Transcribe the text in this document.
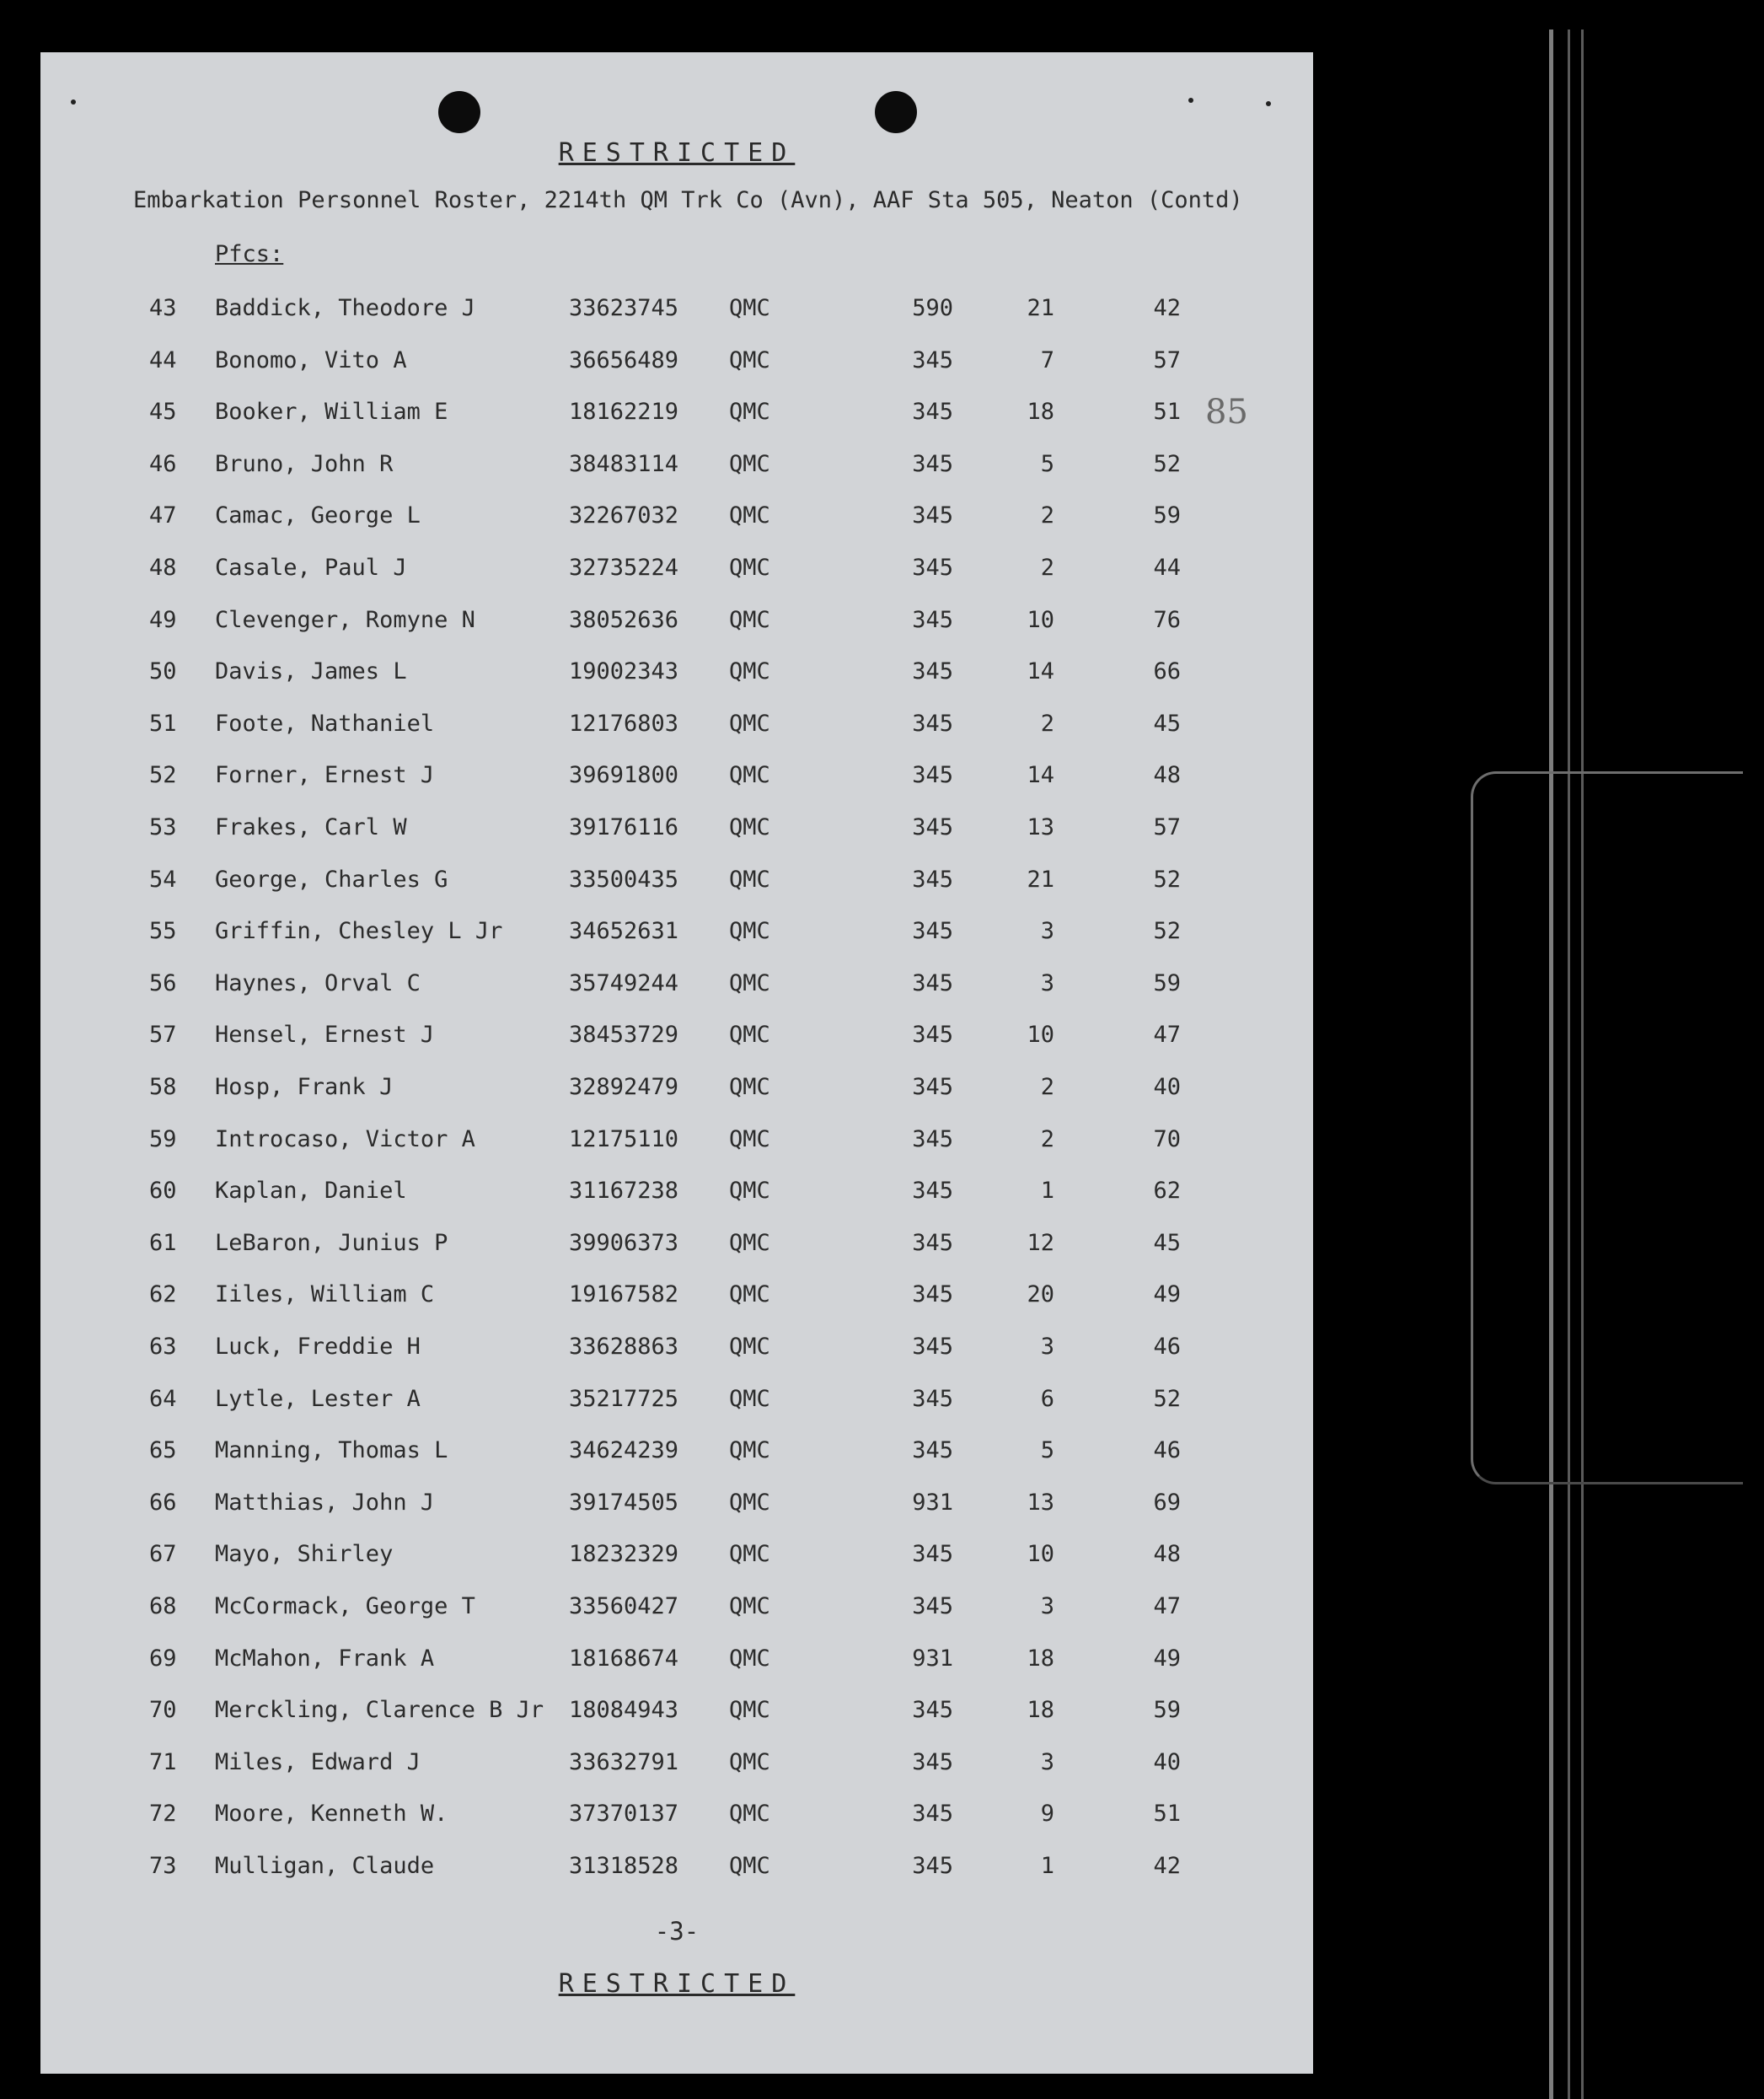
RESTRICTED
Embarkation Personnel Roster, 2214th QM Trk Co (Avn), AAF Sta 505, Neaton (Contd)
Pfcs:
85
43 Baddick, Theodore J	33623745 QMC	590	21	42
44 Bonomo, Vito A	36656489 QMC	345	7	57
45 Booker, William E	18162219 QMC	345	18	51
46 Bruno, John R	38483114 QMC	345	5	52
47 Camac, George L	32267032 QMC	345	2	59
48 Casale, Paul J	32735224 QMC	345	2	44
49 Clevenger, Romyne N	38052636 QMC	345	10	76
50 Davis, James L	19002343 QMC	345	14	66
51 Foote, Nathaniel	12176803 QMC	345	2	45
52 Forner, Ernest J	39691800 QMC	345	14	48
53 Frakes, Carl W	39176116 QMC	345	13	57
54 George, Charles G	33500435 QMC	345	21	52
55 Griffin, Chesley L Jr	34652631 QMC	345	3	52
56 Haynes, Orval C	35749244 QMC	345	3	59
57 Hensel, Ernest J	38453729 QMC	345	10	47
58 Hosp, Frank J	32892479 QMC	345	2	40
59 Introcaso, Victor A	12175110 QMC	345	2	70
60 Kaplan, Daniel	31167238 QMC	345	1	62
61 LeBaron, Junius P	39906373 QMC	345	12	45
62 Iiles, William C	19167582 QMC	345	20	49
63 Luck, Freddie H	33628863 QMC	345	3	46
64 Lytle, Lester A	35217725 QMC	345	6	52
65 Manning, Thomas L	34624239 QMC	345	5	46
66 Matthias, John J	39174505 QMC	931	13	69
67 Mayo, Shirley	18232329 QMC	345	10	48
68 McCormack, George T	33560427 QMC	345	3	47
69 McMahon, Frank A	18168674 QMC	931	18	49
70 Merckling, Clarence B Jr 18084943 QMC	345	18	59
71 Miles, Edward J	33632791 QMC	345	3	40
72 Moore, Kenneth W.	37370137 QMC	345	9	51
73 Mulligan, Claude	31318528 QMC	345	1	42
-3-
RESTRICTED
